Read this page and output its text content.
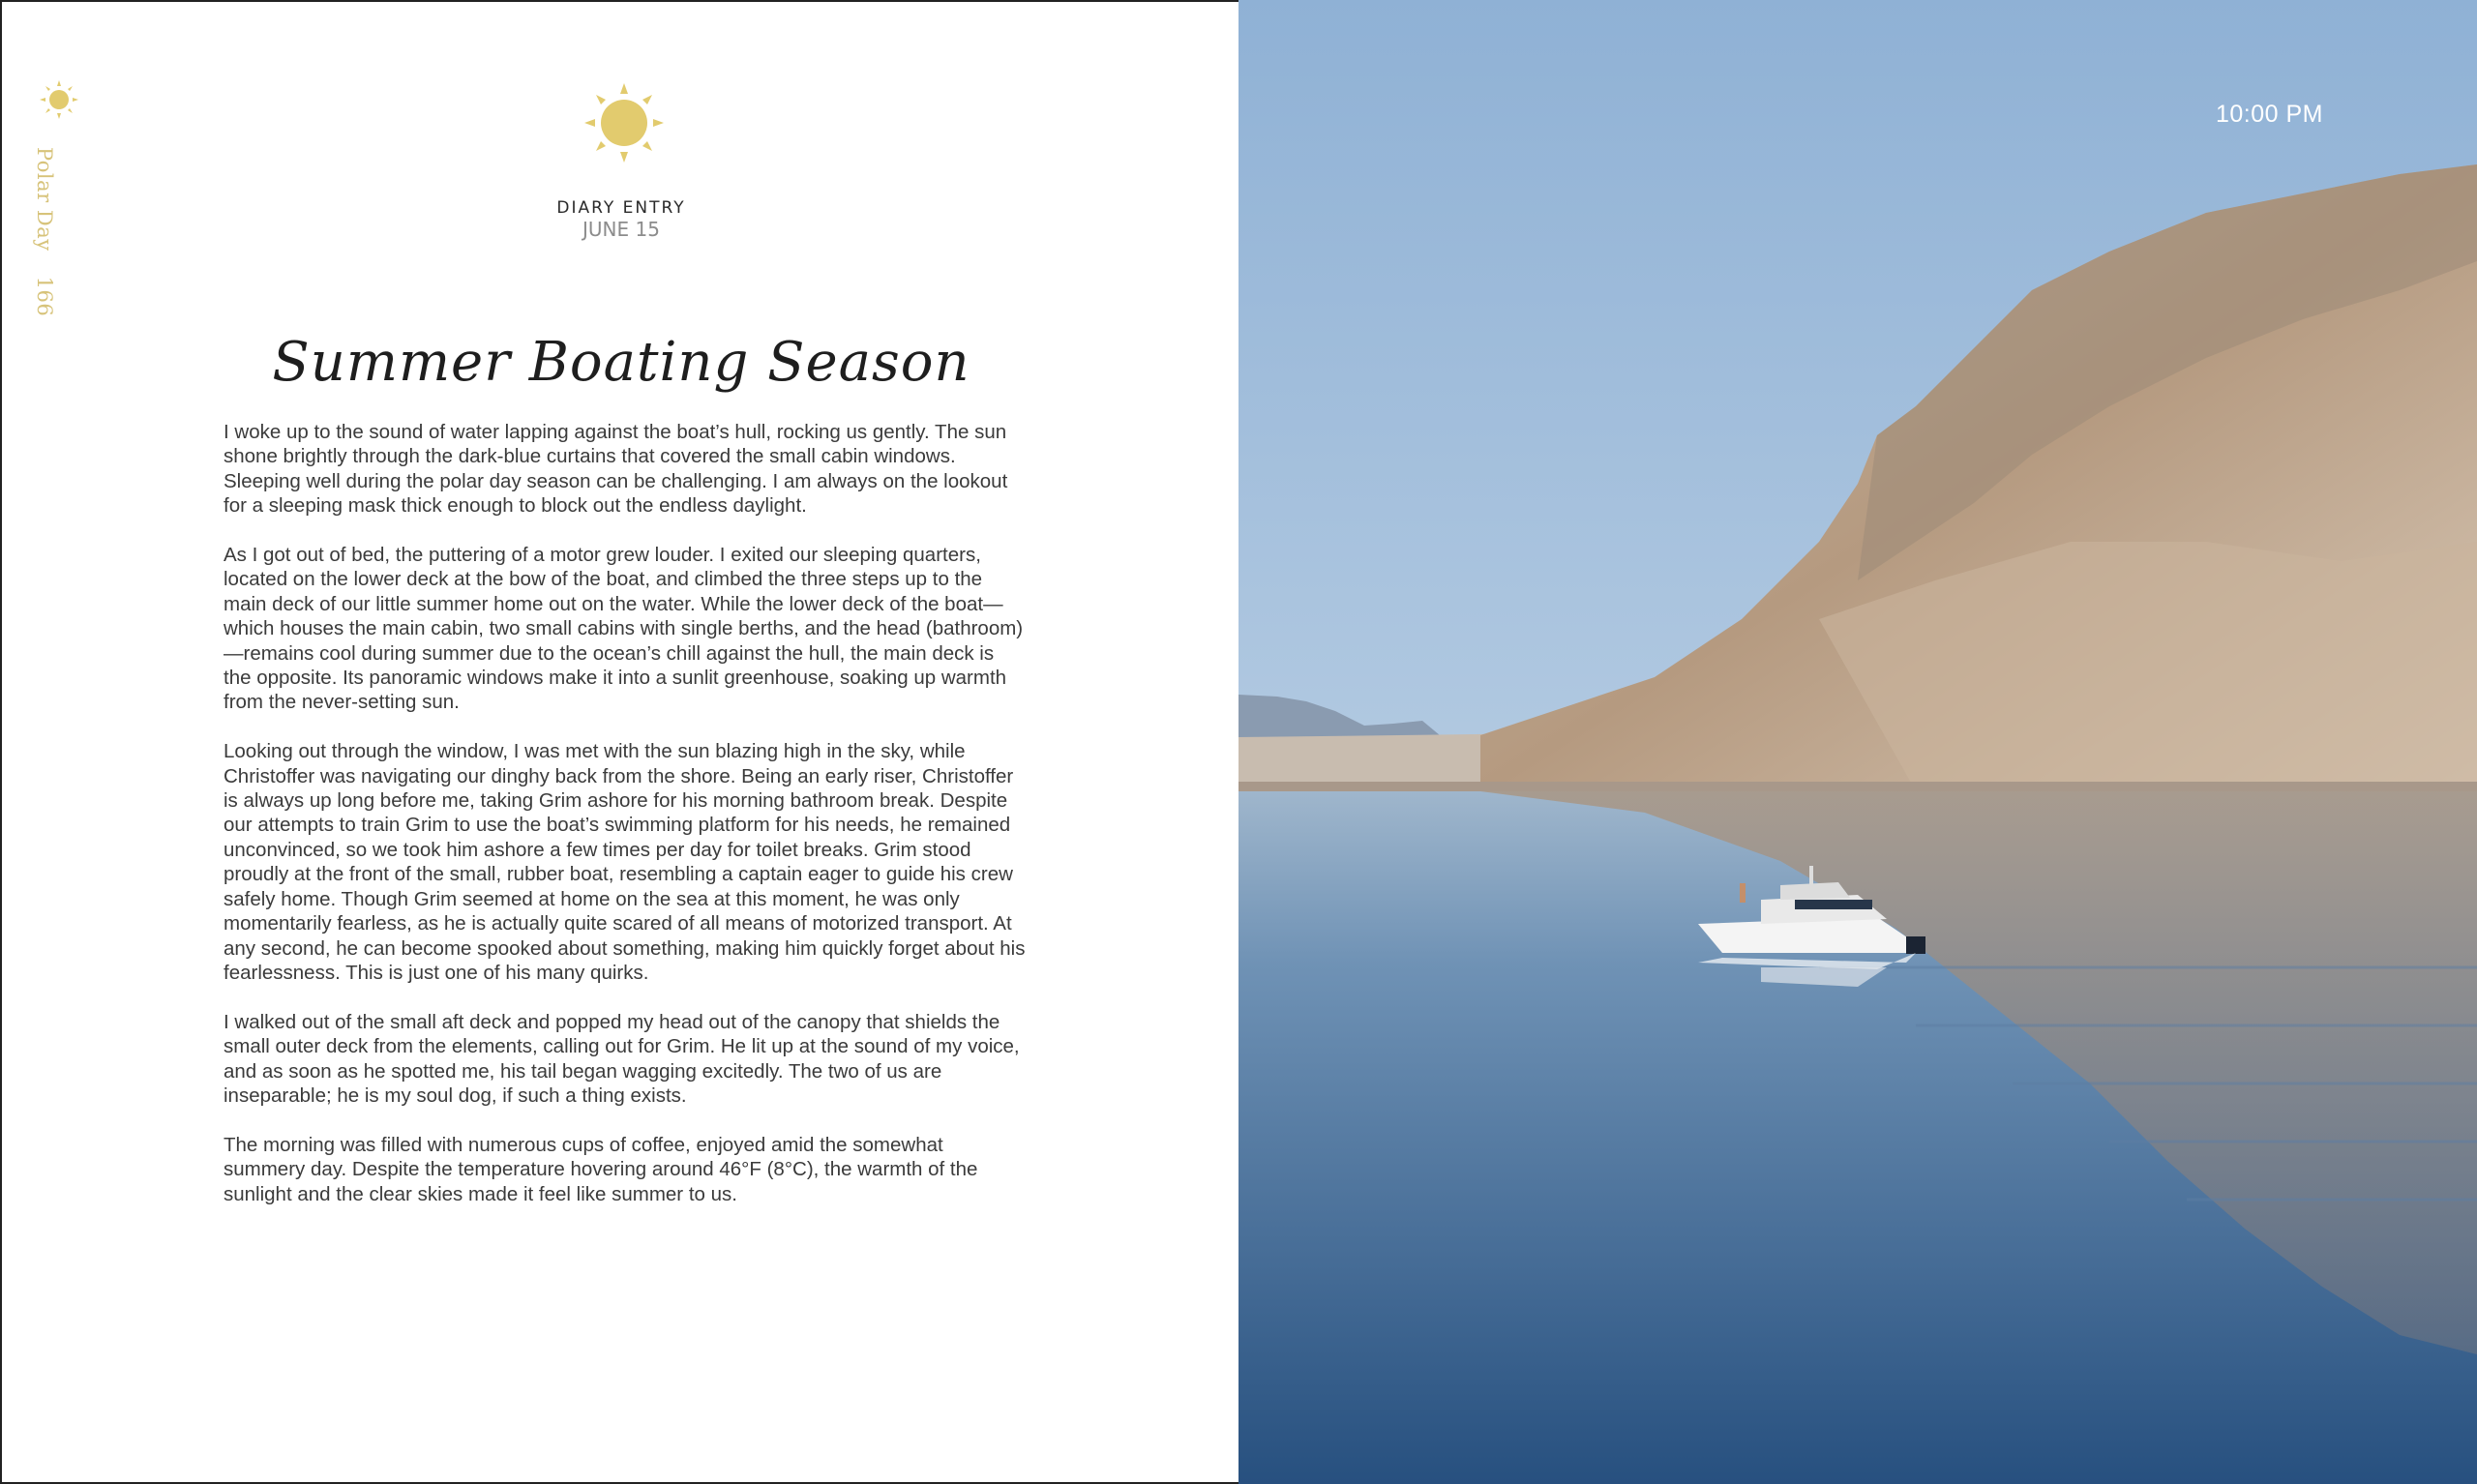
Polar Day166
DIARY ENTRY
JUNE 15
Summer Boating Season

I woke up to the sound of water lapping against the boat’s hull, rocking us gently. The sun shone brightly through the dark-blue curtains that covered the small cabin windows. Sleeping well during the polar day season can be challenging. I am always on the lookout for a sleeping mask thick enough to block out the endless daylight.

As I got out of bed, the puttering of a motor grew louder. I exited our sleeping quarters, located on the lower deck at the bow of the boat, and climbed the three steps up to the main deck of our little summer home out on the water. While the lower deck of the boat—which houses the main cabin, two small cabins with single berths, and the head (bathroom)—remains cool during summer due to the ocean’s chill against the hull, the main deck is the opposite. Its panoramic windows make it into a sunlit greenhouse, soaking up warmth from the never-setting sun.

Looking out through the window, I was met with the sun blazing high in the sky, while Christoffer was navigating our dinghy back from the shore. Being an early riser, Christoffer is always up long before me, taking Grim ashore for his morning bathroom break. Despite our attempts to train Grim to use the boat’s swimming platform for his needs, he remained unconvinced, so we took him ashore a few times per day for toilet breaks. Grim stood proudly at the front of the small, rubber boat, resembling a captain eager to guide his crew safely home. Though Grim seemed at home on the sea at this moment, he was only momentarily fearless, as he is actually quite scared of all means of motorized transport. At any second, he can become spooked about something, making him quickly forget about his fearlessness. This is just one of his many quirks.

I walked out of the small aft deck and popped my head out of the canopy that shields the small outer deck from the elements, calling out for Grim. He lit up at the sound of my voice, and as soon as he spotted me, his tail began wagging excitedly. The two of us are inseparable; he is my soul dog, if such a thing exists.

The morning was filled with numerous cups of coffee, enjoyed amid the somewhat summery day. Despite the temperature hovering around 46°F (8°C), the warmth of the sunlight and the clear skies made it feel like summer to us.

10:00 PM
